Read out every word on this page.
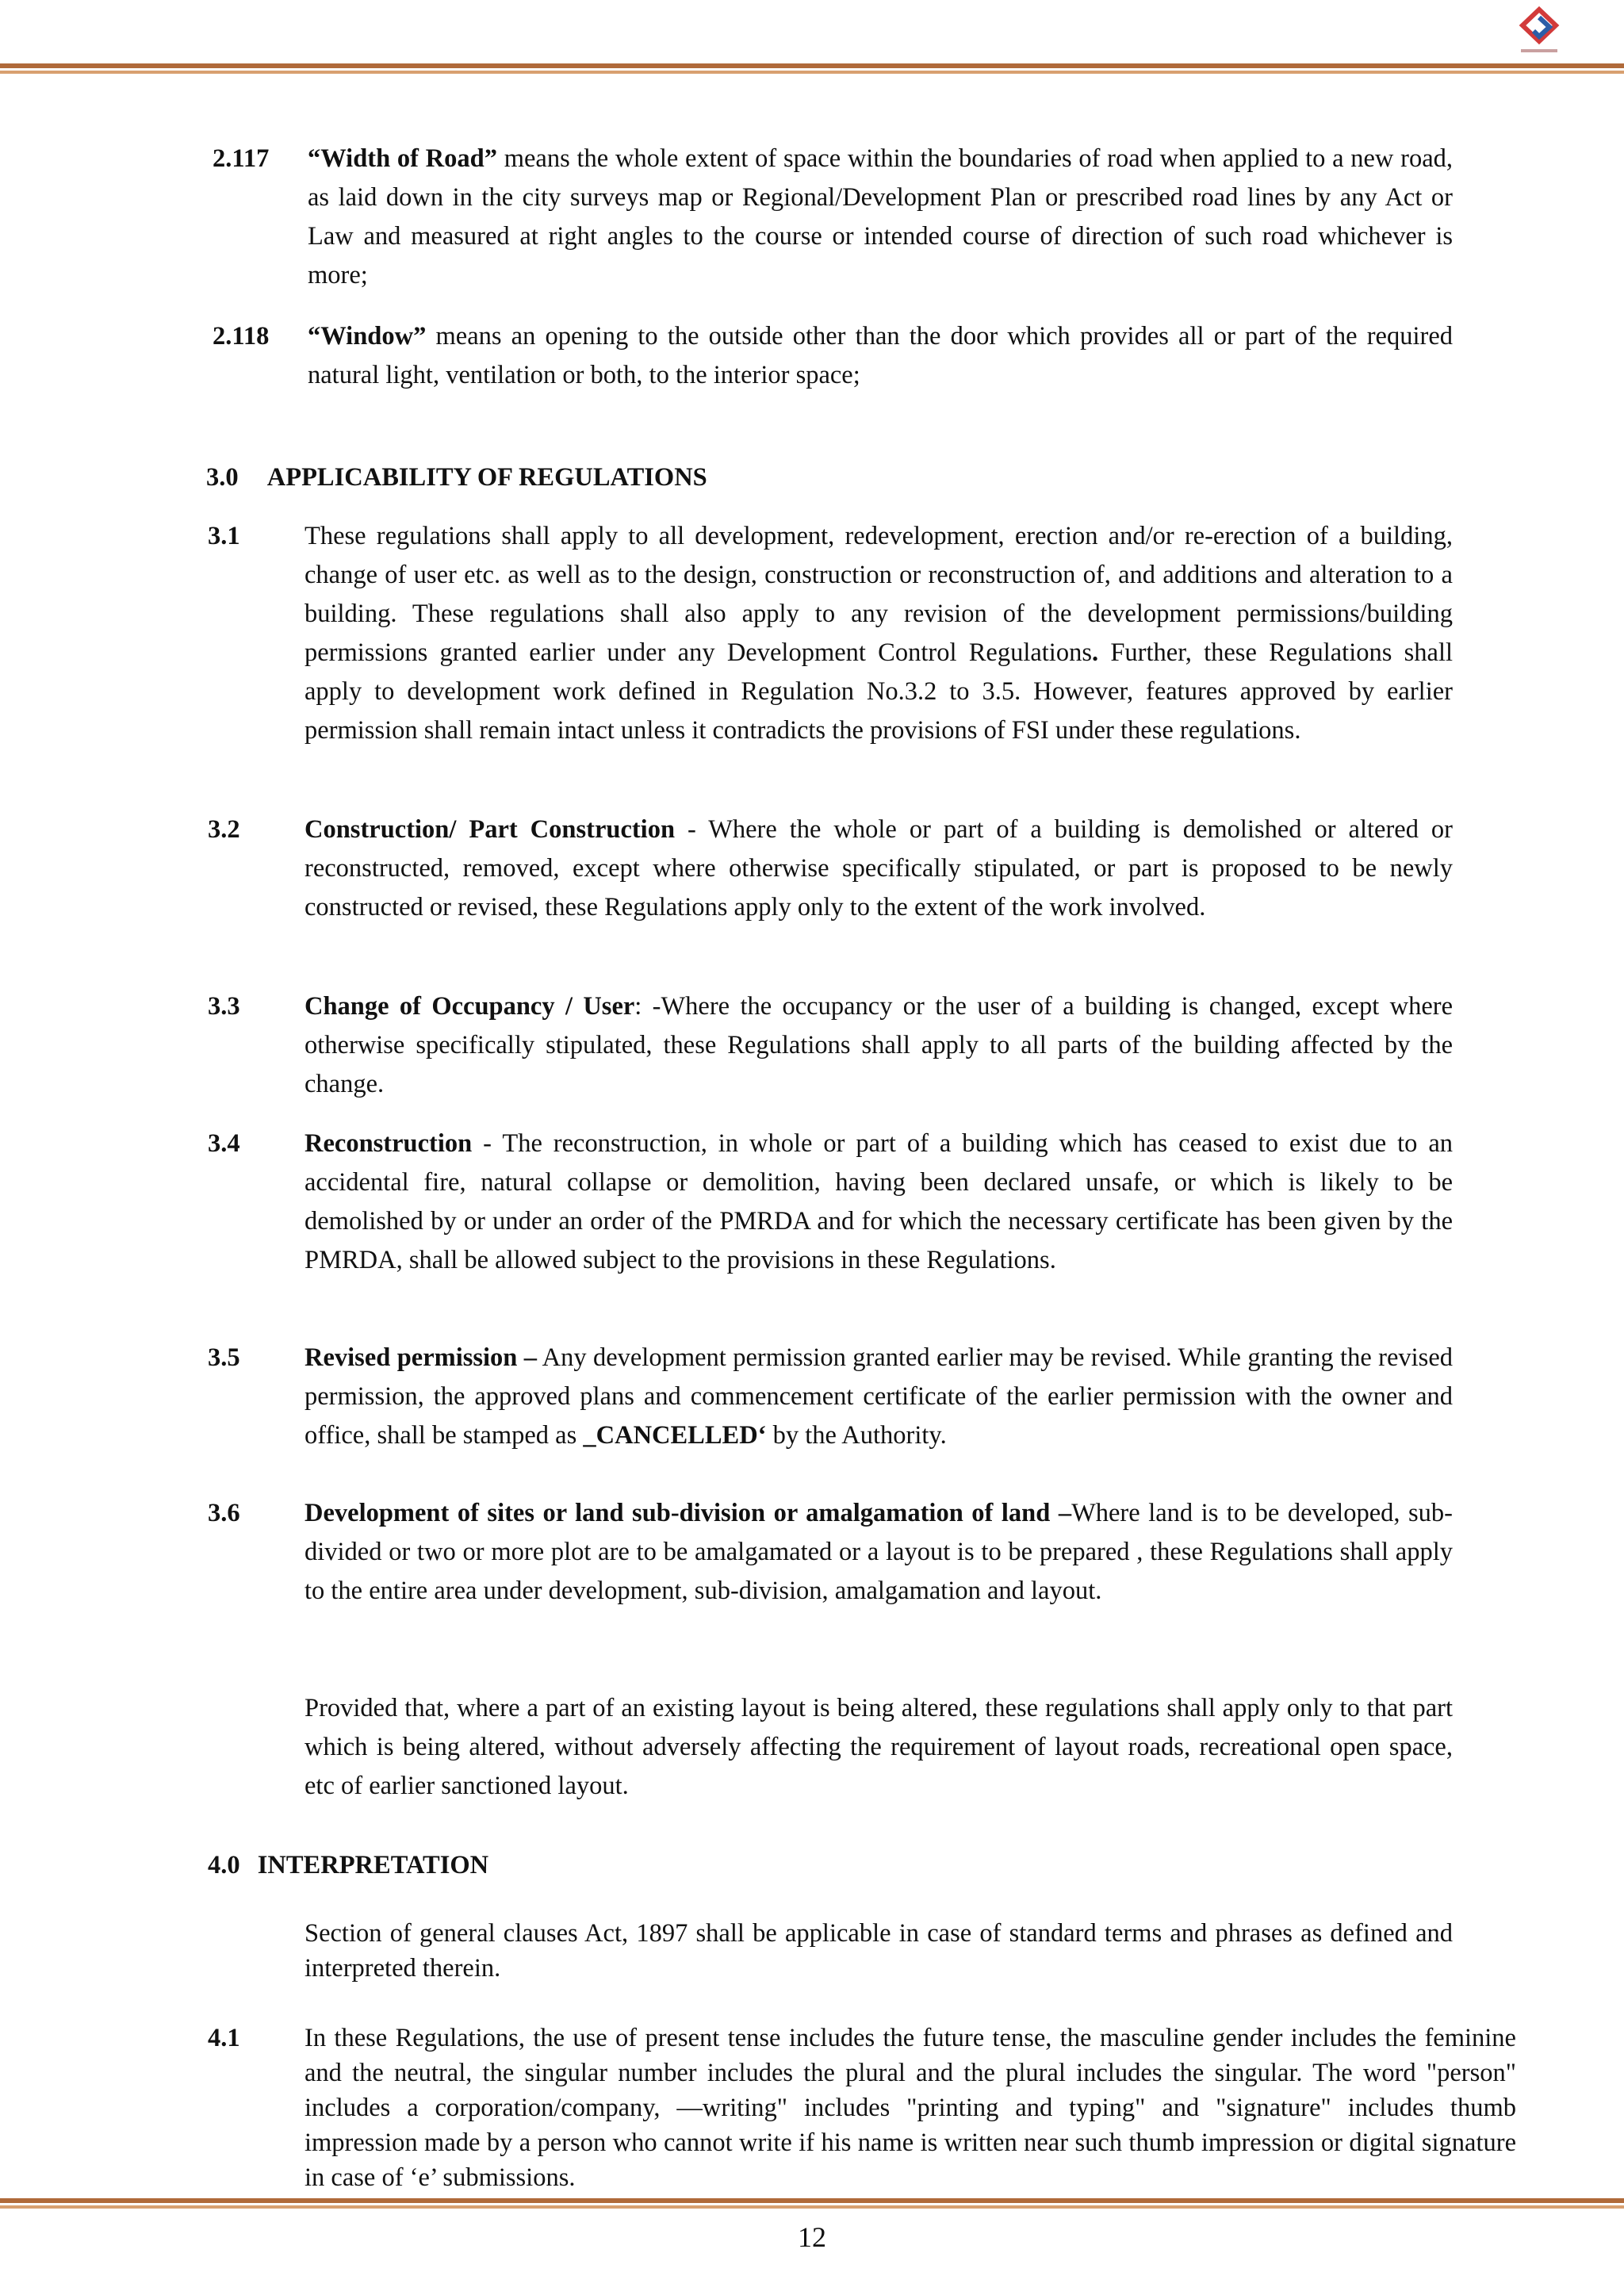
2.117 “Width of Road” means the whole extent of space within the boundaries of road when applied to a new road, as laid down in the city surveys map or Regional/Development Plan or prescribed road lines by any Act or Law and measured at right angles to the course or intended course of direction of such road whichever is more;
2.118 “Window” means an opening to the outside other than the door which provides all or part of the required natural light, ventilation or both, to the interior space;
3.0 APPLICABILITY OF REGULATIONS
3.1	These regulations shall apply to all development, redevelopment, erection and/or re-erection of a building, change of user etc. as well as to the design, construction or reconstruction of, and additions and alteration to a building. These regulations shall also apply to any revision of the development permissions/building permissions granted earlier under any Development Control Regulations. Further, these Regulations shall apply to development work defined in Regulation No.3.2 to 3.5. However, features approved by earlier permission shall remain intact unless it contradicts the provisions of FSI under these regulations.
3.2	Construction/ Part Construction - Where the whole or part of a building is demolished or altered or reconstructed, removed, except where otherwise specifically stipulated, or part is proposed to be newly constructed or revised, these Regulations apply only to the extent of the work involved.
3.3	Change of Occupancy / User: -Where the occupancy or the user of a building is changed, except where otherwise specifically stipulated, these Regulations shall apply to all parts of the building affected by the change.
3.4	Reconstruction - The reconstruction, in whole or part of a building which has ceased to exist due to an accidental fire, natural collapse or demolition, having been declared unsafe, or which is likely to be demolished by or under an order of the PMRDA and for which the necessary certificate has been given by the PMRDA, shall be allowed subject to the provisions in these Regulations.
3.5	Revised permission – Any development permission granted earlier may be revised. While granting the revised permission, the approved plans and commencement certificate of the earlier permission with the owner and office, shall be stamped as _CANCELLED‘ by the Authority.
3.6	Development of sites or land sub-division or amalgamation of land –Where land is to be developed, sub-divided or two or more plot are to be amalgamated or a layout is to be prepared , these Regulations shall apply to the entire area under development, sub-division, amalgamation and layout.
Provided that, where a part of an existing layout is being altered, these regulations shall apply only to that part which is being altered, without adversely affecting the requirement of layout roads, recreational open space, etc of earlier sanctioned layout.
4.0 INTERPRETATION
Section of general clauses Act, 1897 shall be applicable in case of standard terms and phrases as defined and interpreted therein.
4.1	In these Regulations, the use of present tense includes the future tense, the masculine gender includes the feminine and the neutral, the singular number includes the plural and the plural includes the singular. The word "person" includes a corporation/company, ―writing" includes "printing and typing" and "signature" includes thumb impression made by a person who cannot write if his name is written near such thumb impression or digital signature in case of ‘e’ submissions.
12
